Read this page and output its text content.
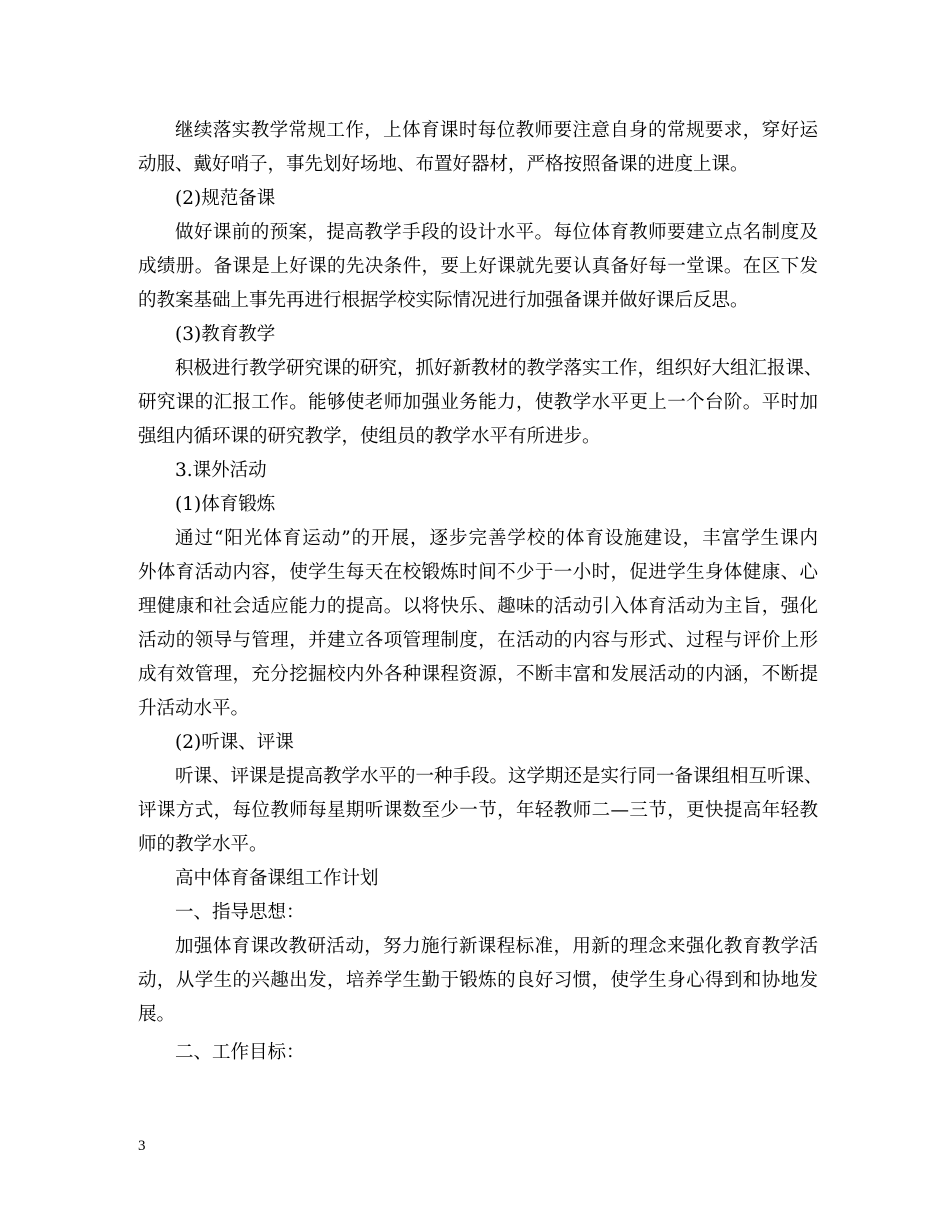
继续落实教学常规工作，上体育课时每位教师要注意自身的常规要求，穿好运
动服、戴好哨子，事先划好场地、布置好器材，严格按照备课的进度上课。
(2)规范备课
做好课前的预案，提高教学手段的设计水平。每位体育教师要建立点名制度及
成绩册。备课是上好课的先决条件，要上好课就先要认真备好每一堂课。在区下发
的教案基础上事先再进行根据学校实际情况进行加强备课并做好课后反思。
(3)教育教学
积极进行教学研究课的研究，抓好新教材的教学落实工作，组织好大组汇报课、
研究课的汇报工作。能够使老师加强业务能力，使教学水平更上一个台阶。平时加
强组内循环课的研究教学，使组员的教学水平有所进步。
3.课外活动
(1)体育锻炼
通过“阳光体育运动”的开展，逐步完善学校的体育设施建设，丰富学生课内
外体育活动内容，使学生每天在校锻炼时间不少于一小时，促进学生身体健康、心
理健康和社会适应能力的提高。以将快乐、趣味的活动引入体育活动为主旨，强化
活动的领导与管理，并建立各项管理制度，在活动的内容与形式、过程与评价上形
成有效管理，充分挖掘校内外各种课程资源，不断丰富和发展活动的内涵，不断提
升活动水平。
(2)听课、评课
听课、评课是提高教学水平的一种手段。这学期还是实行同一备课组相互听课、
评课方式，每位教师每星期听课数至少一节，年轻教师二—三节，更快提高年轻教
师的教学水平。
高中体育备课组工作计划
一、指导思想：
加强体育课改教研活动，努力施行新课程标准，用新的理念来强化教育教学活
动，从学生的兴趣出发，培养学生勤于锻炼的良好习惯，使学生身心得到和协地发
展。
二、工作目标：
3
